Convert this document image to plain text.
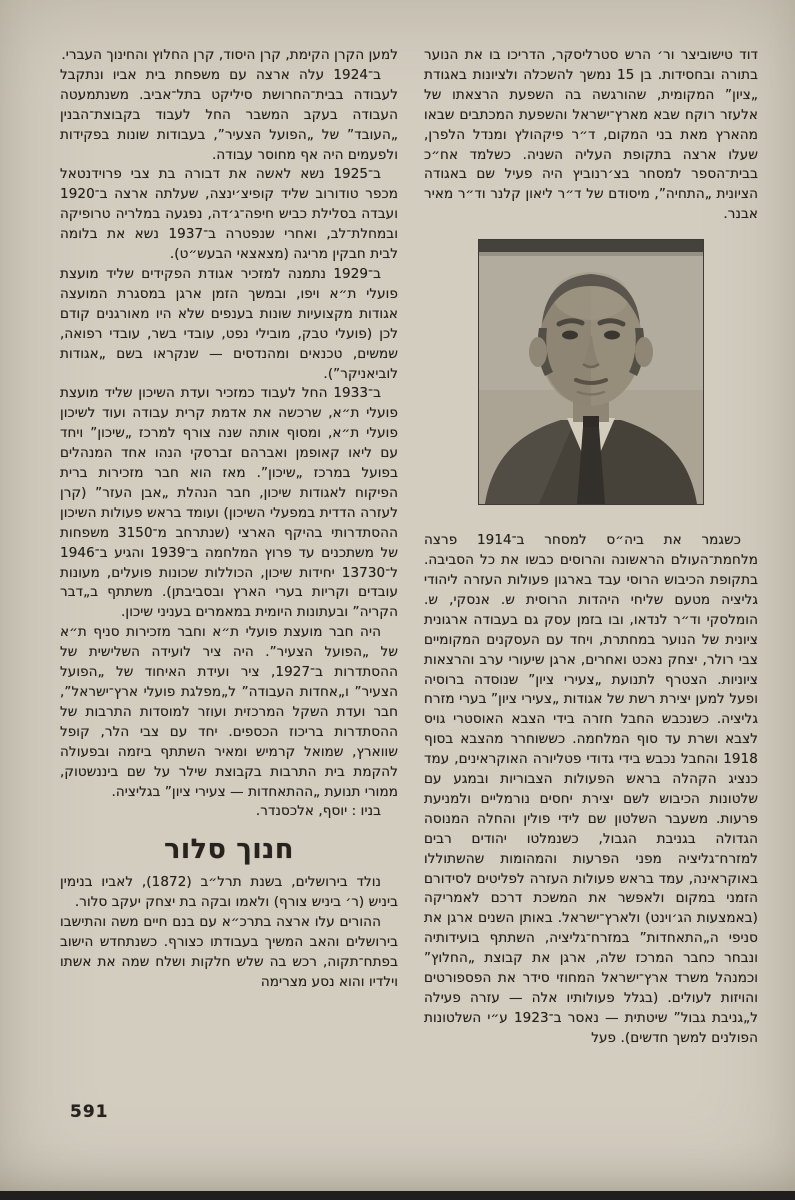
דוד טישוביצר ור׳ הרש סטרליסקר, הדריכו בו את הנוער בתורה ובחסידות. בן 15 נמשך להשכלה ולציונות באגודת „ציון” המקומית, שהורגשה בה השפעת הרצאתו של אלעזר רוקח שבא מארץ־ישראל והשפעת המכתבים שבאו מהארץ מאת בני המקום, ד״ר פיקהולץ ומנדל הלפרן, שעלו ארצה בתקופת העליה השניה. כשלמד אח״כ בבית־הספר למסחר בצ׳רנוביץ היה פעיל שם באגודה הציונית „התחיה”, מיסודם של ד״ר ליאון קלנר וד״ר מאיר אבנר.

כשגמר את ביה״ס למסחר ב־1914 פרצה מלחמת־העולם הראשונה והרוסים כבשו את כל הסביבה. בתקופת הכיבוש הרוסי עבד בארגון פעולות העזרה ליהודי גליציה מטעם שליחי היהדות הרוסית ש. אנסקי, ש. הומלסקי וד״ר לנדאו, ובו בזמן עסק גם בעבודה ארגונית ציונית של הנוער במחתרת, ויחד עם העסקנים המקומיים צבי רולר, יצחק נאכט ואחרים, ארגן שיעורי ערב והרצאות ציוניות. הצטרף לתנועת „צעירי ציון” שנוסדה ברוסיה ופעל למען יצירת רשת של אגודות „צעירי ציון” בערי מזרח גליציה. כשנכבש החבל חזרה בידי הצבא האוסטרי גויס לצבא ושרת עד סוף המלחמה. כששוחרר מהצבא בסוף 1918 והחבל נכבש בידי גדודי פטליורה האוקראינים, עמד כנציג הקהלה בראש הפעולות הצבוריות ובמגע עם שלטונות הכיבוש לשם יצירת יחסים נורמליים ולמניעת פרעות. משעבר השלטון שם לידי פולין והחלה המנוסה הגדולה בגניבת הגבול, כשנמלטו יהודים רבים למזרח־גליציה מפני הפרעות והמהומות שהשתוללו באוקראינה, עמד בראש פעולות העזרה לפליטים לסידורם הזמני במקום ולאפשר את המשכת דרכם לאמריקה (באמצעות הג׳וינט) ולארץ־ישראל. באותן השנים ארגן את סניפי ה„התאחדות” במזרח־גליציה, השתתף בועידותיה ונבחר כחבר המרכז שלה, ארגן את קבוצת „החלוץ” וכמנהל משרד ארץ־ישראל המחוזי סידר את הפספורטים והויזות לעולים. (בגלל פעולותיו אלה — עזרה פעילה ל„גניבת גבול” שיטתית — נאסר ב־1923 ע״י השלטונות הפולנים למשך חדשים). פעל

למען הקרן הקימת, קרן היסוד, קרן החלוץ והחינוך העברי.

ב־1924 עלה ארצה עם משפחת בית אביו ונתקבל לעבודה בבית־החרושת סיליקט בתל־אביב. משנתמעטה העבודה בעקב המשבר החל לעבוד בקבוצת־הבנין „העובד” של „הפועל הצעיר”, בעבודות שונות בפקידות ולפעמים היה אף מחוסר עבודה.

ב־1925 נשא לאשה את דבורה בת צבי פרוידנטאל מכפר טודורוב שליד קופיצ׳ינצה, שעלתה ארצה ב־1920 ועבדה בסלילת כביש חיפה־ג׳דה, נפגעה במלריה טרופיקה ובמחלת־לב, ואחרי שנפטרה ב־1937 נשא את בלומה לבית חבקין מריגה (מצאצאי הבעש״ט).

ב־1929 נתמנה למזכיר אגודת הפקידים שליד מועצת פועלי ת״א ויפו, ובמשך הזמן ארגן במסגרת המועצה אגודות מקצועיות שונות בענפים שלא היו מאורגנים קודם לכן (פועלי טבק, מובילי נפט, עובדי בשר, עובדי רפואה, שמשים, טכנאים ומהנדסים — שנקראו בשם „אגודות לוביאניקר”).

ב־1933 החל לעבוד כמזכיר ועדת השיכון שליד מועצת פועלי ת״א, שרכשה את אדמת קרית עבודה ועוד לשיכון פועלי ת״א, ומסוף אותה שנה צורף למרכז „שיכון” ויחד עם ליאו קאופמן ואברהם זברסקי הנהו אחד המנהלים בפועל במרכז „שיכון”. מאז הוא חבר מזכירות ברית הפיקוח לאגודות שיכון, חבר הנהלת „אבן העזר” (קרן לעזרה הדדית במפעלי השיכון) ועומד בראש פעולות השיכון ההסתדרותי בהיקף הארצי (שנתרחב מ־3150 משפחות של משתכנים עד פרוץ המלחמה ב־1939 והגיע ב־1946 ל־13730 יחידות שיכון, הכוללות שכונות פועלים, מעונות עובדים וקריות בערי הארץ ובסביבתן). משתתף ב„דבר הקריה” ובעתונות היומית במאמרים בעניני שיכון.

היה חבר מועצת פועלי ת״א וחבר מזכירות סניף ת״א של „הפועל הצעיר”. היה ציר לועידה השלישית של ההסתדרות ב־1927, ציר ועידת האיחוד של „הפועל הצעיר” ו„אחדות העבודה” ל„מפלגת פועלי ארץ־ישראל”, חבר ועדת השקל המרכזית ועוזר למוסדות התרבות של ההסתדרות בריכוז הכספים. יחד עם צבי הלר, קופל שווארץ, שמואל קרמיש ומאיר השתתף ביזמה ובפעולה להקמת בית התרבות בקבוצת שילר על שם ביננשטוק, ממורי תנועת „ההתאחדות — צעירי ציון” בגליציה.

בניו : יוסף, אלכסנדר.

חנוך סלור

נולד בירושלים, בשנת תרל״ב (1872), לאביו בנימין ביניש (ר׳ ביניש צורף) ולאמו ובקה בת יצחק יעקב סלור.

ההורים עלו ארצה בתרכ״א עם בנם חיים משה והתישבו בירושלים והאב המשיך בעבודתו כצורף. כשנתחדש הישוב בפתח־תקוה, רכש בה שלש חלקות ושלח שמה את אשתו וילדיו והוא נסע מצרימה

591
